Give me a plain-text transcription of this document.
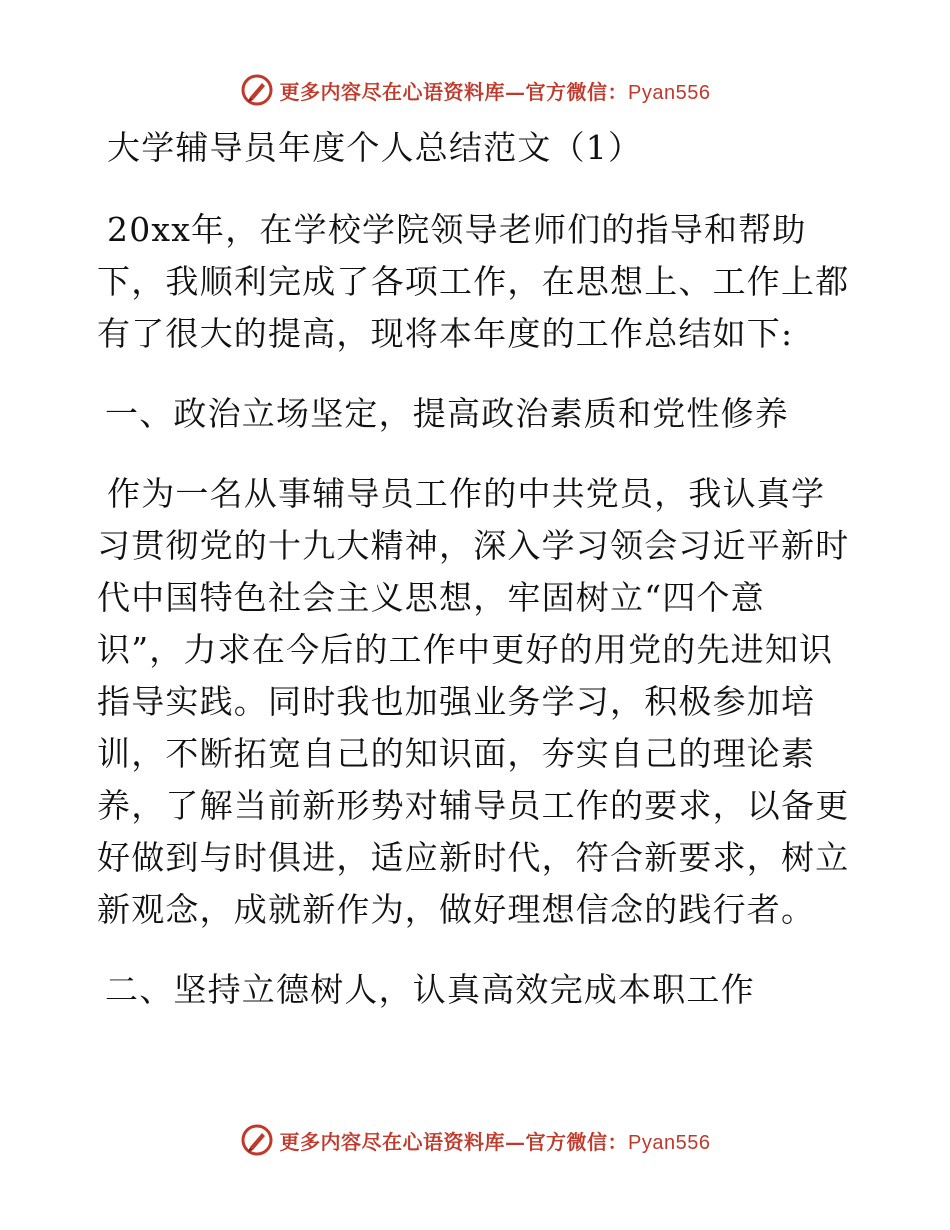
更多内容尽在心语资料库—官方微信：Pyan556
大学辅导员年度个人总结范文（1）
20xx年，在学校学院领导老师们的指导和帮助
下，我顺利完成了各项工作，在思想上、工作上都
有了很大的提高，现将本年度的工作总结如下:
一、政治立场坚定，提高政治素质和党性修养
作为一名从事辅导员工作的中共党员，我认真学
习贯彻党的十九大精神，深入学习领会习近平新时
代中国特色社会主义思想，牢固树立“四个意
识”，力求在今后的工作中更好的用党的先进知识
指导实践。同时我也加强业务学习，积极参加培
训，不断拓宽自己的知识面，夯实自己的理论素
养，了解当前新形势对辅导员工作的要求，以备更
好做到与时俱进，适应新时代，符合新要求，树立
新观念，成就新作为，做好理想信念的践行者。
二、坚持立德树人，认真高效完成本职工作
更多内容尽在心语资料库—官方微信：Pyan556
